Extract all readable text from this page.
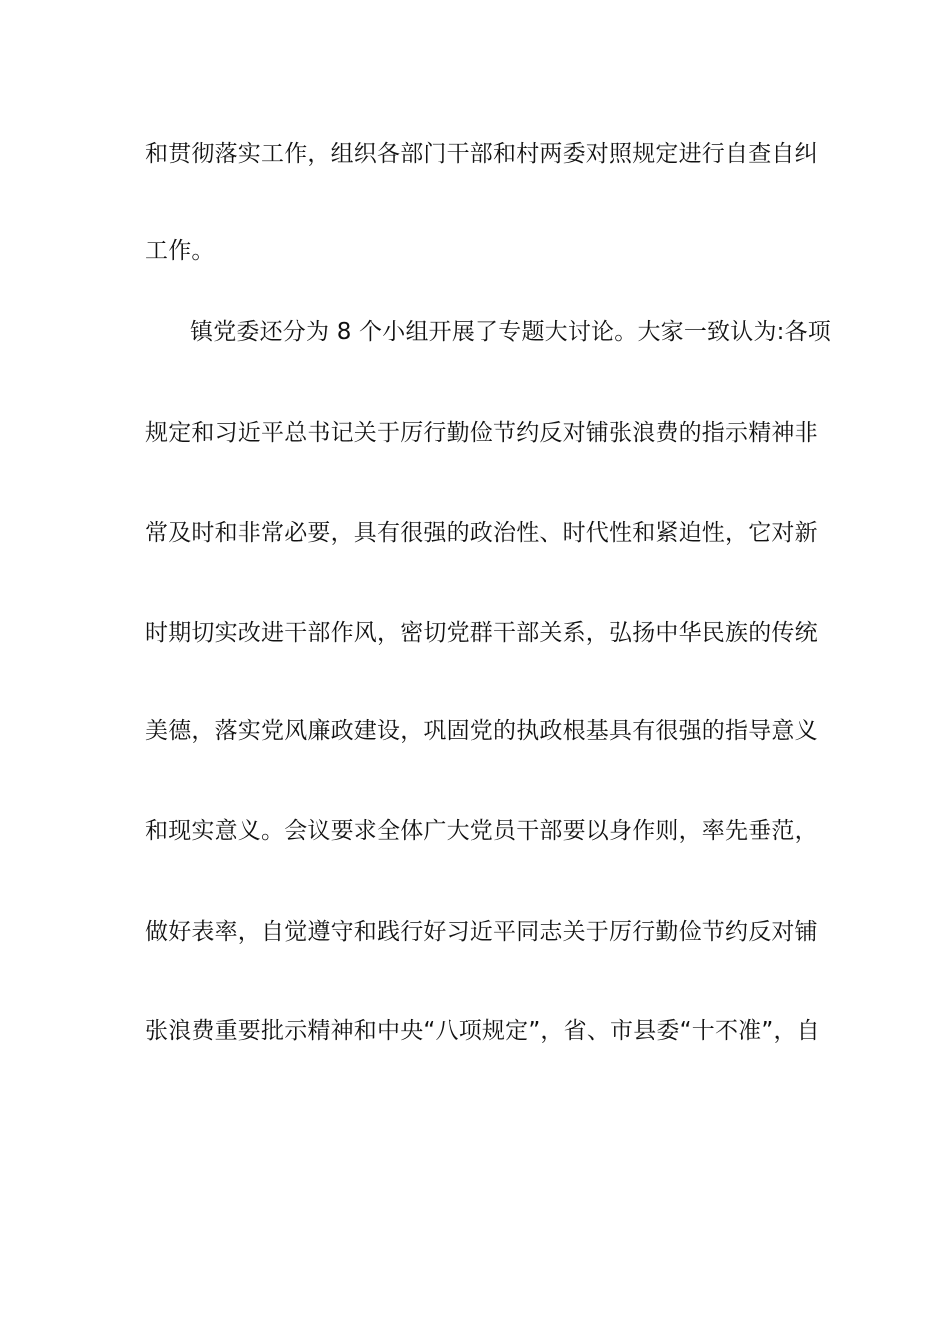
和贯彻落实工作，组织各部门干部和村两委对照规定进行自查自纠
工作。
镇党委还分为 8 个小组开展了专题大讨论。大家一致认为:各项
规定和习近平总书记关于厉行勤俭节约反对铺张浪费的指示精神非
常及时和非常必要，具有很强的政治性、时代性和紧迫性，它对新
时期切实改进干部作风，密切党群干部关系，弘扬中华民族的传统
美德，落实党风廉政建设，巩固党的执政根基具有很强的指导意义
和现实意义。会议要求全体广大党员干部要以身作则，率先垂范，
做好表率，自觉遵守和践行好习近平同志关于厉行勤俭节约反对铺
张浪费重要批示精神和中央“八项规定”，省、市县委“十不准”，自
